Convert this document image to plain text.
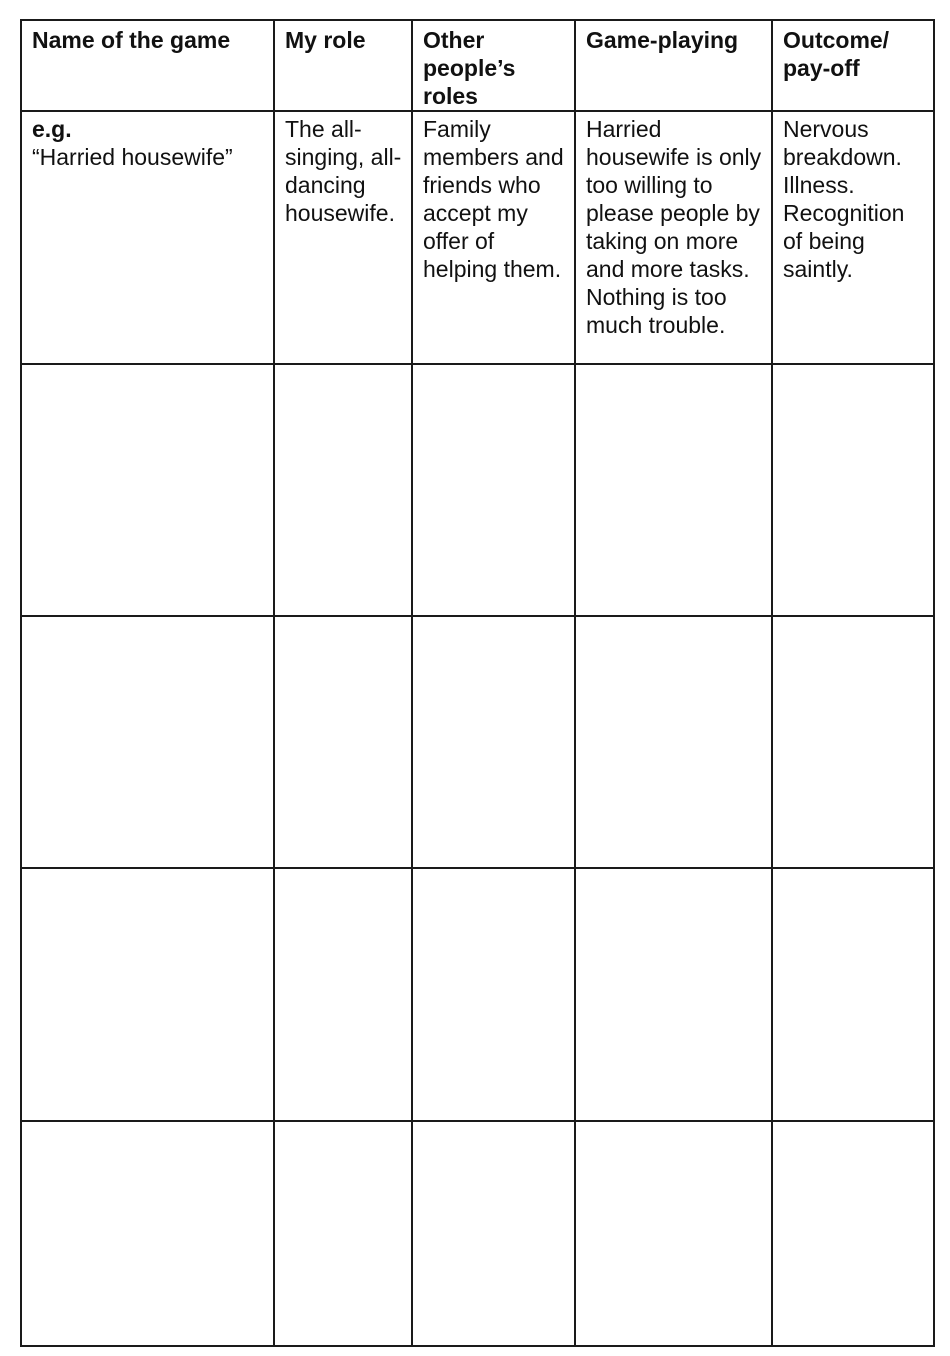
Name of the game	My role	Other people’s roles	Game-playing	Outcome/ pay-off

e.g.
“Harried housewife”	The all-singing, all-dancing housewife.	Family members and friends who accept my offer of helping them.	Harried housewife is only too willing to please people by taking on more and more tasks. Nothing is too much trouble.	Nervous breakdown. Illness. Recognition of being saintly.
